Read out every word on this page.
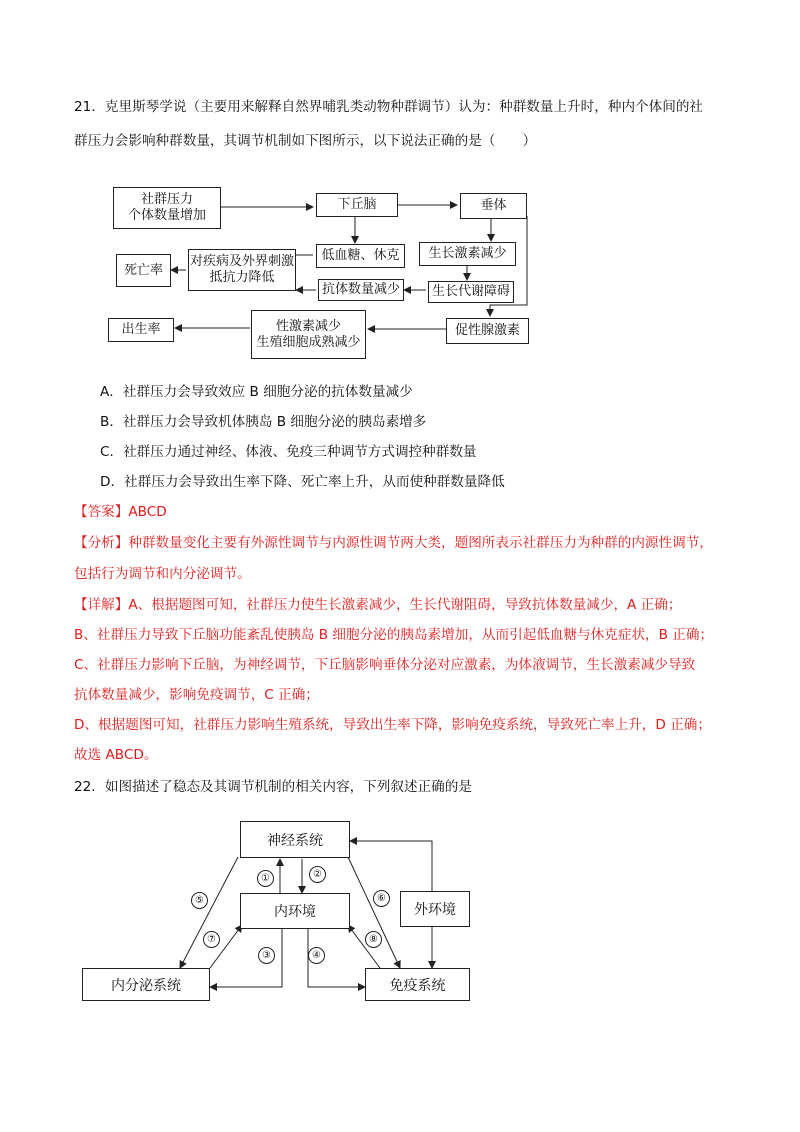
21．克里斯琴学说（主要用来解释自然界哺乳类动物种群调节）认为：种群数量上升时，种内个体间的社
群压力会影响种群数量，其调节机制如下图所示，以下说法正确的是（　　）
社群压力
个体数量增加
下丘脑	垂体
低血糖、休克	生长激素减少
死亡率
对疾病及外界刺激
抵抗力降低
抗体数量减少	生长代谢障碍
出生率	性激素减少
生殖细胞成熟减少
促性腺激素
A．社群压力会导致效应 B 细胞分泌的抗体数量减少
B．社群压力会导致机体胰岛 B 细胞分泌的胰岛素增多
C．社群压力通过神经、体液、免疫三种调节方式调控种群数量
D．社群压力会导致出生率下降、死亡率上升，从而使种群数量降低
【答案】ABCD
【分析】种群数量变化主要有外源性调节与内源性调节两大类，题图所表示社群压力为种群的内源性调节，
包括行为调节和内分泌调节。
【详解】A、根据题图可知，社群压力使生长激素减少，生长代谢阻碍，导致抗体数量减少，A 正确；
B、社群压力导致下丘脑功能紊乱使胰岛 B 细胞分泌的胰岛素增加，从而引起低血糖与休克症状，B 正确；
C、社群压力影响下丘脑，为神经调节，下丘脑影响垂体分泌对应激素，为体液调节，生长激素减少导致
抗体数量减少，影响免疫调节，C 正确；
D、根据题图可知，社群压力影响生殖系统，导致出生率下降，影响免疫系统，导致死亡率上升，D 正确；
故选 ABCD。
22．如图描述了稳态及其调节机制的相关内容，下列叙述正确的是
神经系统
内环境	外环境
内分泌系统	免疫系统
①	②
③	④
⑤	⑥
⑦	⑧
